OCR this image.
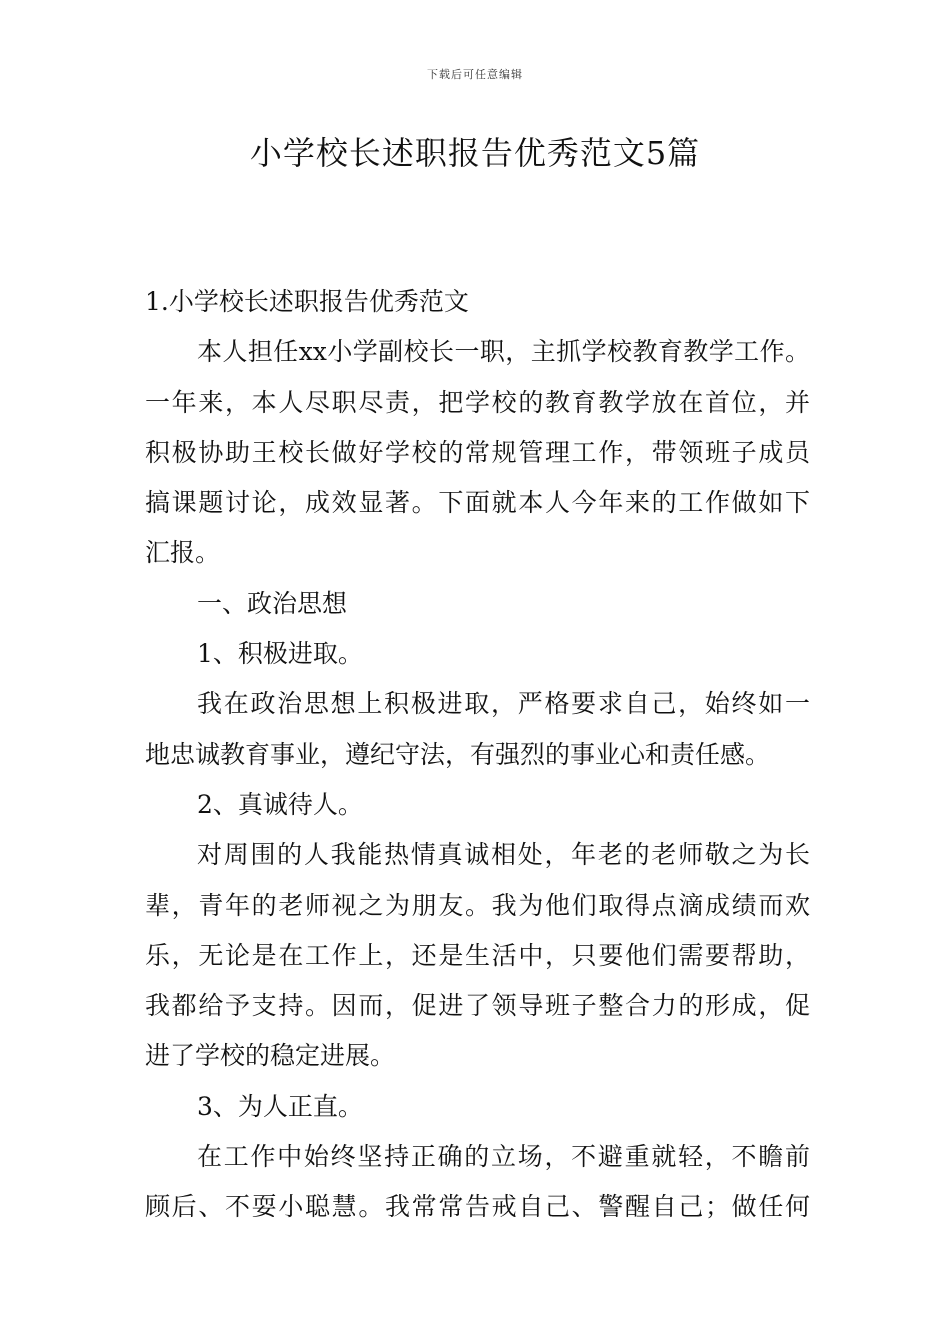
下载后可任意编辑
小学校长述职报告优秀范文5篇
1.小学校长述职报告优秀范文
本人担任xx小学副校长一职，主抓学校教育教学工作。
一年来，本人尽职尽责，把学校的教育教学放在首位，并
积极协助王校长做好学校的常规管理工作，带领班子成员
搞课题讨论，成效显著。下面就本人今年来的工作做如下
汇报。
一、政治思想
1、积极进取。
我在政治思想上积极进取，严格要求自己，始终如一
地忠诚教育事业，遵纪守法，有强烈的事业心和责任感。
2、真诚待人。
对周围的人我能热情真诚相处，年老的老师敬之为长
辈，青年的老师视之为朋友。我为他们取得点滴成绩而欢
乐，无论是在工作上，还是生活中，只要他们需要帮助，
我都给予支持。因而，促进了领导班子整合力的形成，促
进了学校的稳定进展。
3、为人正直。
在工作中始终坚持正确的立场，不避重就轻，不瞻前
顾后、不耍小聪慧。我常常告戒自己、警醒自己；做任何
